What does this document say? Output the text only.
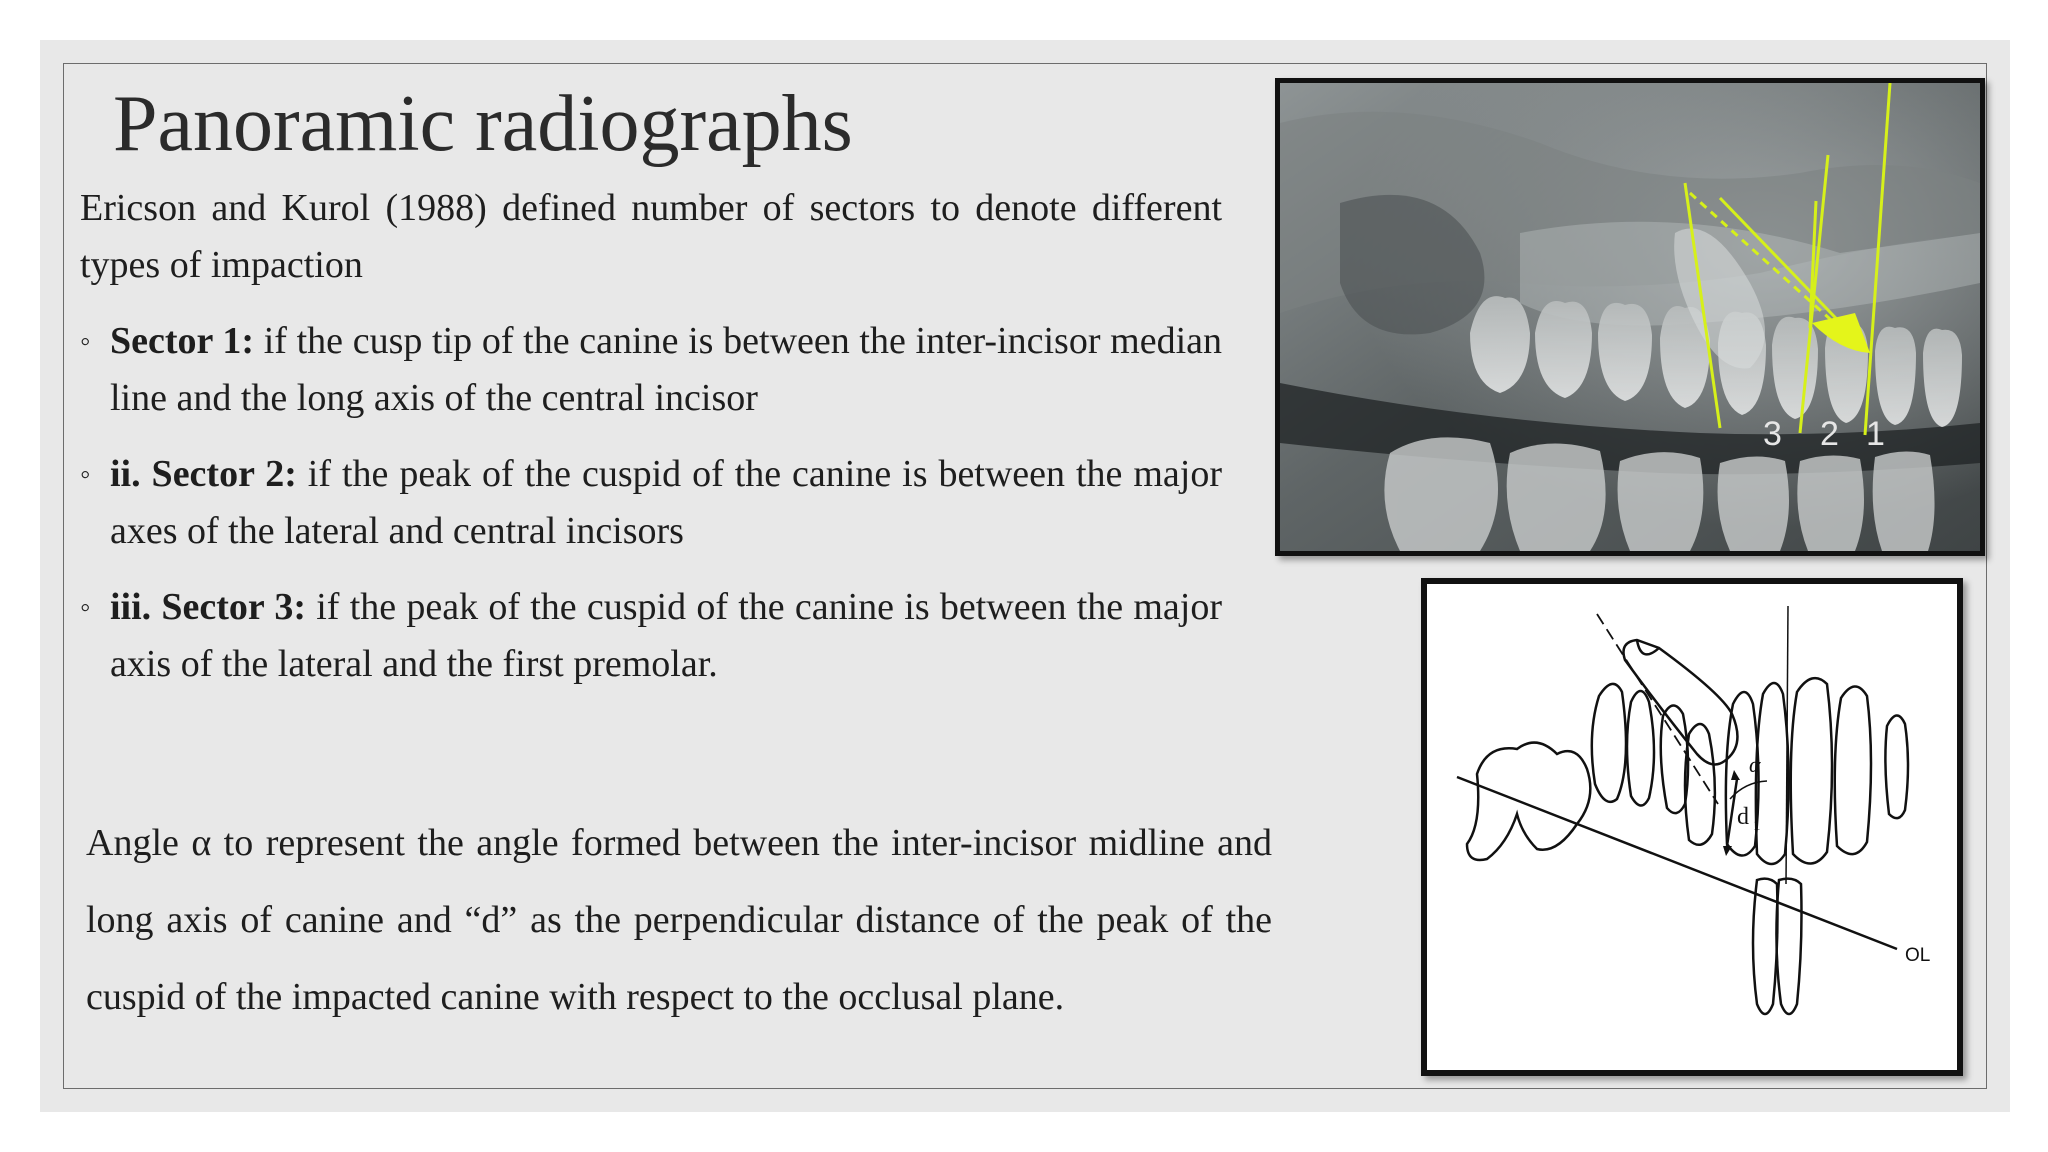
Panoramic radiographs
Ericson and Kurol (1988) defined number of sectors to denote different types of impaction
◦ Sector 1: if the cusp tip of the canine is between the inter-incisor median line and the long axis of the central incisor
◦ ii. Sector 2: if the peak of the cuspid of the canine is between the major axes of the lateral and central incisors
◦ iii. Sector 3: if the peak of the cuspid of the canine is between the major axis of the lateral and the first premolar.
Angle α to represent the angle formed between the inter-incisor midline and long axis of canine and “d” as the perpendicular distance of the peak of the cuspid of the impacted canine with respect to the occlusal plane.
3 2 1
α
d 1
OL
